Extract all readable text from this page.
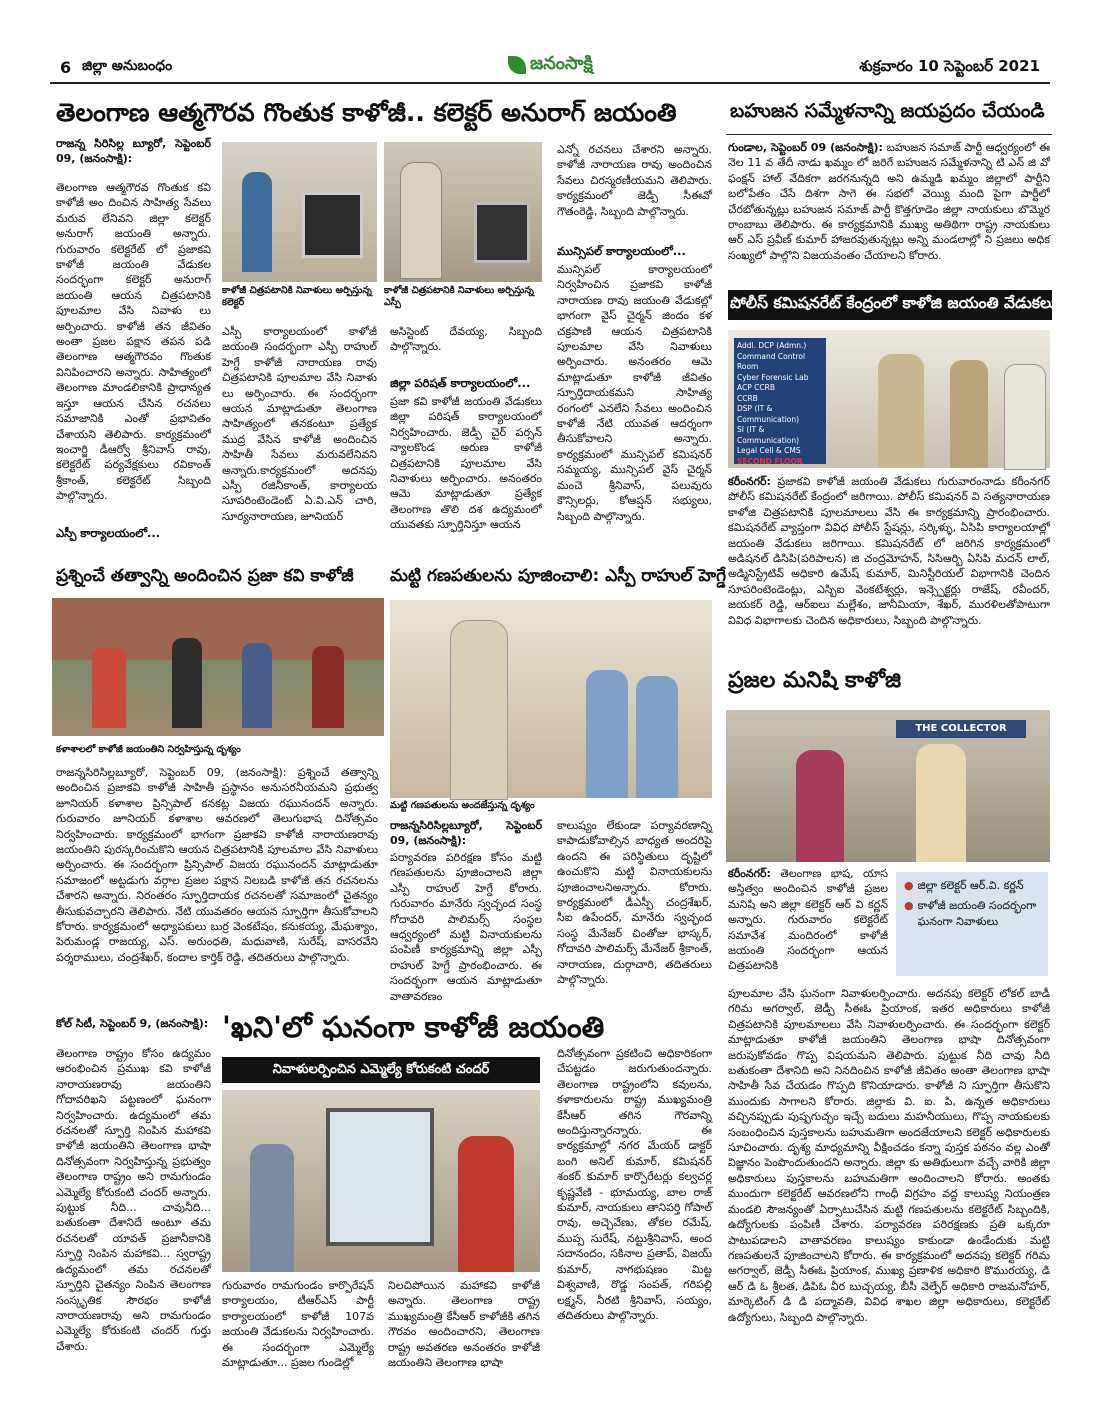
6 జిల్లా అనుబంధం	జనంసాక్షి	శుక్రవారం 10 సెప్టెంబర్ 2021
తెలంగాణ ఆత్మగౌరవ గొంతుక కాళోజీ.. కలెక్టర్ అనురాగ్ జయంతి
రాజన్న సిరిసిల్ల బ్యూరో, సెప్టెంబర్ 09, (జనంసాక్షి):
తెలంగాణ ఆత్మగౌరవ గొంతుక కవి కాళోజీ అం దించిన సాహిత్య సేవలు మరువ లేనివని జిల్లా కలెక్టర్ అనురాగ్ జయంతి అన్నారు. గురువారం కలెక్టరేట్ లో ప్రజాకవి కాళోజీ జయంతి వేడుకల సందర్భంగా కలెక్టర్ అనురాగ్ జయంతి ఆయన చిత్రపటానికి పూలమాల వేసి నివాళు లు అర్పించారు. కాళోజీ తన జీవితం అంతా ప్రజల పక్షాన తపన పడి తెలంగాణ ఆత్మగౌరవం గొంతుక వినిపించారని అన్నారు. సాహిత్యంలో తెలంగాణ మాండలికానికి ప్రాధాన్యత ఇస్తూ ఆయన చేసిన రచనలు సమాజానికి ఎంతో ప్రభావితం చేశాయని తెలిపారు. కార్యక్రమంలో ఇంచార్జి డీఆర్వో శ్రీనివాస్ రావు, కలెక్టరేట్ పర్యవేక్షకులు రవికాంత్ శ్రీకాంత్, కలెక్టరేట్ సిబ్బంది పాల్గొన్నారు.
ఎస్పీ కార్యాలయంలో...
కాళోజీ చిత్రపటానికి నివాళులు అర్పిస్తున్న కలెక్టర్
కాళోజీ చిత్రపటానికి నివాళులు అర్పిస్తున్న ఎస్పీ
ఎస్పీ కార్యాలయంలో కాళోజీ జయంతి సందర్భంగా ఎస్పీ రాహుల్ హెగ్డే కాళోజీ నారాయణ రావు చిత్రపటానికి పూలమాల వేసి నివాళు లు అర్పించారు. ఈ సందర్భంగా ఆయన మాట్లాడుతూ తెలంగాణ సాహిత్యంలో తనకంటూ ప్రత్యేక ముద్ర వేసిన కాళోజీ అందించిన సాహితీ సేవలు మరువలేనివని అన్నారు.కార్యక్రమంలో అదనపు ఎస్పీ రజినీకాంత్, కార్యాలయ సూపరింటెండెంట్ ఏ.వి.ఎన్ చారి, సూర్యనారాయణ, జూనియర్
అసిస్టెంట్ దేవయ్య, సిబ్బంది పాల్గొన్నారు.
జిల్లా పరిషత్ కార్యాలయంలో...
ప్రజా కవి కాళోజీ జయంతి వేడుకలు జిల్లా పరిషత్ కార్యాలయంలో నిర్వహించారు. జెడ్పీ చైర్ పర్సన్ న్యాలకొండ అరుణ కాళోజీ చిత్రపటానికి పూలమాల వేసి నివాళులు అర్పించారు. అనంతరం ఆమె మాట్లాడుతూ ప్రత్యేక తెలంగాణ తొలి దశ ఉద్యమంలో యువతకు స్ఫూర్తినిస్తూ ఆయన
ఎన్నో రచనలు చేశారని అన్నారు. కాళోజీ నారాయణ రావు అందించిన సేవలు చిరస్మరణీయమని తెలిపారు. కార్యక్రమంలో జెడ్పీ సీఈవో గౌతంరెడ్డి, సిబ్బంది పాల్గొన్నారు.
మున్సిపల్ కార్యాలయంలో...
మున్సిపల్ కార్యాలయంలో నిర్వహించిన ప్రజాకవి కాళోజీ నారాయణ రావు జయంతి వేడుకల్లో భాగంగా వైస్ చైర్మన్ జిందం కళ చక్రపాణి ఆయన చిత్రపటానికి పూలమాల వేసి నివాళులు అర్పించారు. అనంతరం ఆమె మాట్లాడుతూ కాళోజీ జీవితం స్ఫూర్తిదాయకమని సాహిత్య రంగంలో ఎనలేని సేవలు అందించిన కాళోజీ నేటి యువత ఆదర్శంగా తీసుకోవాలని అన్నారు. కార్యక్రమంలో మున్సిపల్ కమిషనర్ సమ్మయ్య, మున్సిపల్ వైస్ చైర్మన్ మంచె శ్రీనివాస్, పలువురు కౌన్సిలర్లు, కోఆప్షన్ సభ్యులు, సిబ్బంది పాల్గొన్నారు.
బహుజన సమ్మేళనాన్ని జయప్రదం చేయండి
గుండాల, సెప్టెంబర్ 09 (జనంసాక్షి): బహుజన సమాజ్ పార్టీ ఆధ్వర్యంలో ఈ నెల 11 వ తేదీ నాడు ఖమ్మం లో జరిగే బహుజన సమ్మేళనాన్ని టి ఎన్ జి వో ఫంక్షన్ హాల్ వేదికగా జరగనున్నది అని ఉమ్మడి ఖమ్మం జిల్లాలో పార్టీని బలోపేతం చేసే దిశగా సాగె ఈ సభలో వెయ్యి మంది పైగా పార్టీలో చేరబోతున్నట్లు బహుజన సమాజ్ పార్టీ కొత్తగూడెం జిల్లా నాయకులు బొమ్మెర రాంబాబు తెలిపారు. ఈ కార్యక్రమానికి ముఖ్య అతిథిగా రాష్ట్ర నాయకులు ఆర్ ఎస్ ప్రవీణ్ కుమార్ హాజరవుతున్నట్లు అన్ని మండలాల్లో ని ప్రజలు అధిక సంఖ్యలో పాల్గొని విజయవంతం చేయాలని కోరారు.
పోలీస్ కమిషనరేట్ కేంద్రంలో కాళోజి జయంతి వేడుకలు
Addl. DCP (Admn.)
Command Control Room
Cyber Forensic Lab
ACP CCRB
CCRB
DSP (IT & Communication)
SI (IT & Communication)
Legal Cell & CMS
SECOND FLOOR
కరీంనగర్: ప్రజాకవి కాళోజీ జయంతి వేడుకలు గురువారంనాడు కరీంనగర్ పోలీస్ కమిషనరేట్ కేంద్రంలో జరిగాయి. పోలీస్ కమిషనర్ వి సత్యనారాయణ కాళోజి చిత్రపటానికి పూలమాలలు వేసి ఈ కార్యక్రమాన్ని ప్రారంభించారు. కమిషనరేట్ వ్యాప్తంగా వివిధ పోలీస్ స్టేషన్లు, సర్కిళ్ళు, ఏసిపి కార్యాలయాల్లో జయంతి వేడుకలు జరిగాయి. కమిషనరేట్ లో జరిగిన కార్యక్రమంలో అడిషనల్ డిసిపి(పరిపాలన) జి చంద్రమోహన్, సిసిఆర్బి ఏసిపి మదన్ లాల్, అడ్మినిస్ట్రేటివ్ అధికారి ఉమేష్ కుమార్, మినిస్టీరియల్ విభాగానికి చెందిన సూపరింటెండెంట్లు, ఎస్బిఐ వెంకటేశ్వర్లు, ఇన్స్పెక్టర్లు రాజేష్, రవీందర్, జయకర్ రెడ్డి, ఆర్ఐలు మల్లేశం, జానీమియా, శేఖర్, మురళిలతోపాటుగా వివిధ విభాగాలకు చెందిన అధికారులు, సిబ్బంది పాల్గొన్నారు.
ప్రశ్నించే తత్వాన్ని అందించిన ప్రజా కవి కాళోజీ
కళాశాలలో కాళోజీ జయంతిని నిర్వహిస్తున్న దృశ్యం
రాజన్నసిరిసిల్లబ్యూరో, సెప్టెంబర్ 09, (జనంసాక్షి): ప్రశ్నించే తత్వాన్ని అందించిన ప్రజాకవి కాళోజీ సాహితీ ప్రస్థానం అనుసరనీయమని ప్రభుత్వ జూనియర్ కళాశాల ప్రిన్సిపాల్ కనకట్ల విజయ రఘునందన్ అన్నారు. గురువారం జూనియర్ కళాశాల ఆవరణలో తెలుగుభాష దినోత్సవం నిర్వహించారు. కార్యక్రమంలో భాగంగా ప్రజాకవి కాళోజీ నారాయణరావు జయంతిని పురస్కరించుకొని ఆయన చిత్రపటానికి పూలమాల వేసి నివాళులు అర్పించారు. ఈ సందర్భంగా ప్రిన్సిపాల్ విజయ రఘునందన్ మాట్లాడుతూ సమాజంలో అట్టడుగు వర్గాల ప్రజల పక్షాన నిలబడి కాళోజీ తన రచనలను చేశారని అన్నారు. నిరంతరం స్ఫూర్తిదాయక రచనలతో సమాజంలో చైతన్యం తీసుకువచ్చారని తెలిపారు. నేటి యువతరం ఆయన స్ఫూర్తిగా తీసుకోవాలని కోరారు. కార్యక్రమంలో అధ్యాపకులు బుర్ర వెంకటేషం, కనుకయ్య, మేఘశ్యాం, పెరుమండ్ల రాజయ్య, ఎస్. అరుంధతి, మధువాణి, సురేష్, వాసరవేని పర్శరాములు, చంద్రశేఖర్, కందాల కార్తిక్ రెడ్డి, తదితరులు పాల్గొన్నారు.
మట్టి గణపతులను పూజించాలి: ఎస్పీ రాహుల్ హెగ్డే
మట్టి గణపతులను అందజేస్తున్న దృశ్యం
రాజన్నసిరిసిల్లబ్యూరో, సెప్టెంబర్ 09, (జనంసాక్షి):
పర్యావరణ పరిరక్షణ కోసం మట్టి గణపతులను పూజించాలని జిల్లా ఎస్పీ రాహుల్ హెగ్డే కోరారు. గురువారం మానేరు స్వచ్ఛంద సంస్థ గోదావరి పాలిమర్స్ సంస్థల ఆధ్వర్యంలో మట్టి వినాయకులను పంపిణీ కార్యక్రమాన్ని జిల్లా ఎస్పీ రాహుల్ హెగ్డే ప్రారంభించారు. ఈ సందర్భంగా ఆయన మాట్లాడుతూ వాతావరణం
కాలుష్యం లేకుండా పర్యావరణాన్ని కాపాడుకోవాల్సిన బాధ్యత అందరిపై ఉందని ఈ పరిస్థితులు దృష్టిలో ఉంచుకొని మట్టి వినాయకులను పూజించాలనిఅన్నారు. కోరారు. కార్యక్రమంలో డీఎస్పీ చంద్రశేఖర్, సీఐ ఉపేందర్, మానేరు స్వచ్ఛంద సంస్థ మేనేజర్ చింతోజు భాస్కర్, గోదావరి పాలిమర్స్ మేనేజర్ శ్రీకాంత్, నారాయణ, దుర్గాచారి, తదితరులు పాల్గొన్నారు.
ప్రజల మనిషి కాళోజి
THE COLLECTOR
కరీంనగర్: తెలంగాణ భాష, యాస అస్తిత్వం అందించిన కాళోజీ ప్రజల మనిషి అని జిల్లా కలెక్టర్ ఆర్ వి కర్ణన్ అన్నారు. గురువారం కలెక్టరేట్ సమావేశ మందిరంలో కాళోజీ జయంతి సందర్భంగా ఆయన చిత్రపటానికి
● జిల్లా కలెక్టర్ ఆర్.వి. కర్ణన్
● కాళోజీ జయంతి సందర్భంగా ఘనంగా నివాళులు
పూలమాల వేసి ఘనంగా నివాళులర్పించారు. అదనపు కలెక్టర్ లోకల్ బాడీ గరిమ అగర్వాల్, జెడ్పీ సీఈఓ ప్రియాంక, ఇతర అధికారులు కాళోజీ చిత్రపటానికి పూలమాలలు వేసి నివాళులర్పించారు. ఈ సందర్భంగా కలెక్టర్ మాట్లాడుతూ కాళోజీ జయంతిని తెలంగాణ భాషా దినోత్సవంగా జరుపుకోవడం గొప్ప విషయమని తెలిపారు. పుట్టుక నీది చావు నీది బతుకంతా దేశానిది అని నినదించిన కాళోజీ జీవితం అంతా తెలంగాణ భాషా సాహితీ సేవ చేయడం గొప్పది కొనియాడారు. కాళోజీ ని స్ఫూర్తిగా తీసుకొని ముందుకు సాగాలని కోరారు. జిల్లాకు వి. ఐ. పి, ఉన్నత అధికారులు వచ్చినప్పుడు పుష్పగుచ్ఛం ఇచ్చే బదులు మహనీయులు, గొప్ప నాయకులకు సంబంధించిన పుస్తకాలను బహుమతిగా అందజేయాలని కలెక్టర్ అధికారులకు సూచించారు. దృశ్య మాధ్యమాన్ని వీక్షించడం కన్నా పుస్తక పఠనం వల్ల ఎంతో విజ్ఞానం పెంపొందుతుందని అన్నారు. జిల్లా కు అతిథులుగా వచ్చే వారికి జిల్లా అధికారులు పుస్తకాలను బహుమతిగా అందించాలని కోరారు. అంతకు ముందుగా కలెక్టరేట్ ఆవరణలోని గాంధీ విగ్రహం వద్ద కాలుష్య నియంత్రణ మండలి సౌజన్యంతో ఏర్పాటుచేసిన మట్టి గణపతులను కలెక్టరేట్ సిబ్బందికి, ఉద్యోగులకు పంపిణీ చేశారు. పర్యావరణ పరిరక్షణకు ప్రతి ఒక్కరూ పాటుపడాలని వాతావరణం కాలుష్యం కాకుండా ఉండేందుకు మట్టి గణపతులనే పూజించాలని కోరారు. ఈ కార్యక్రమంలో అదనపు కలెక్టర్ గరిమ అగర్వాల్, జెడ్పీ సీఈఓ ప్రియాంక, ముఖ్య ప్రణాళిక అధికారి కొమురయ్య, డి ఆర్ డి ఓ శ్రీలత, డిపిఓ వీర బుచ్చయ్య, బీసీ వెల్ఫేర్ అధికారి రాజమనోహర్, మార్కెటింగ్ డి డి పద్మావతి, వివిధ శాఖల జిల్లా అధికారులు, కలెక్టరేట్ ఉద్యోగులు, సిబ్బంది పాల్గొన్నారు.
కోల్ సిటీ, సెప్టెంబర్ 9, (జనంసాక్షి): 'ఖని'లో ఘనంగా కాళోజీ జయంతి
తెలంగాణ రాష్ట్రం కోసం ఉద్యమం ఆరంభించిన ప్రముఖ కవి కాళోజీ నారాయణరావు జయంతిని గోదావరిఖని పట్టణంలో ఘనంగా నిర్వహించారు. ఉద్యమంలో తమ రచనలతో స్ఫూర్తి నింపిన మహాకవి కాళోజీ జయంతిని తెలంగాణ భాషా దినోత్సవంగా నిర్వహిస్తున్న ప్రభుత్వం తెలంగాణ రాష్ట్రం అని రామగుండం ఎమ్మెల్యే కోరుకంటి చందర్ అన్నారు. పుట్టుక నీది... చావునీది... బతుకంతా దేశానిదే అంటూ తమ రచనలతో యావత్ ప్రజానీకానికి స్ఫూర్తి నింపిన మహాకవి... స్వరాష్ట్ర ఉద్యమంలో తమ రచనలతో స్ఫూర్తిని చైతన్యం నింపిన తెలంగాణ సంస్కృతిక సౌరభం కాళోజీ నారాయణరావు అని రామగుండం ఎమ్మెల్యే కోరుకంటి చందర్ గుర్తు చేశారు.
నివాళులర్పించిన ఎమ్మెల్యే కోరుకంటి చందర్
గురువారం రామగుండం కార్పొరేషన్ కార్యాలయం, టీఆర్ఎస్ పార్టీ కార్యాలయంలో కాళోజీ 107వ జయంతి వేడుకలను నిర్వహించారు. ఈ సందర్భంగా ఎమ్మెల్యే మాట్లాడుతూ... ప్రజల గుండెల్లో
నిలచిపోయిన మహాకవి కాళోజీ అన్నారు. తెలంగాణ రాష్ట్ర ముఖ్యమంత్రి కేసీఆర్ కాళోజీకి తగిన గౌరవం అందించారని, తెలంగాణ రాష్ట్ర అవతరణ అనంతరం కాళోజీ జయంతిని తెలంగాణ భాషా
దినోత్సవంగా ప్రకటించి అధికారికంగా చేపట్టడం జరుగుతుందన్నారు. తెలంగాణ రాష్ట్రంలోని కవులను, కళాకారులను రాష్ట్ర ముఖ్యమంత్రి కేసీఆర్ తగిన గౌరవాన్ని అందిస్తున్నారన్నారు. ఈ కార్యక్రమాల్లో నగర మేయర్ డాక్టర్ బంగి అనిల్ కుమార్, కమిషనర్ శంకర్ కుమార్ కార్పొరేటర్లు కల్వచర్ల కృష్ణవేణి - భూమయ్య, బాల రాజ్ కుమార్, నాయకులు తానిపర్తి గోపాల్ రావు, అచ్చెవేణు, తోకల రమేష్, ముప్ప సురేష్, నట్టుశ్రీనివాస్, అంద సదానందం, సకినాల ప్రతాప్, విజయ్ కుమార్, నాగభుషణం మిట్ట విశ్వవాణి, రొడ్డ సంపత్, గరిపల్లి లక్ష్మన్, నీరటి శ్రీనివాస్, సయ్యం, తదితరులు పాల్గొన్నారు.
